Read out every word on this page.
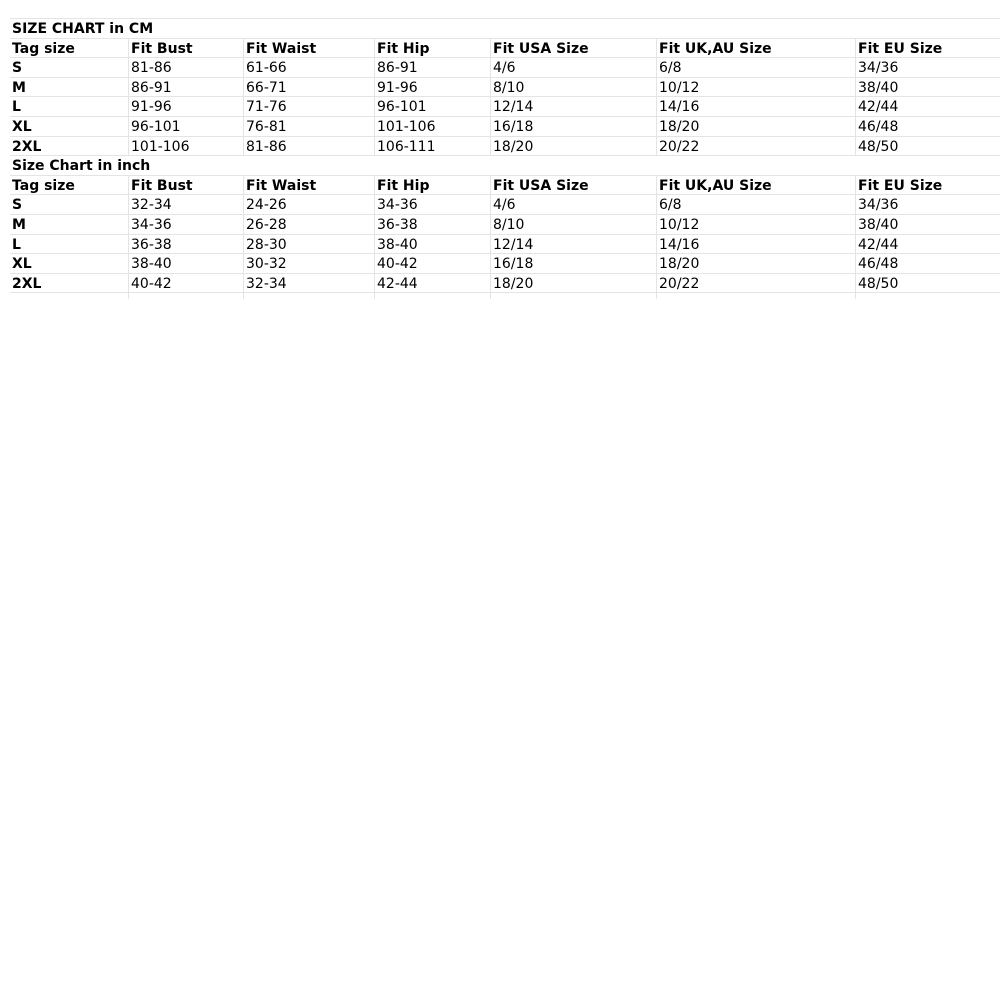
SIZE CHART in CM
Tag size	Fit Bust	Fit Waist	Fit Hip	Fit USA Size	Fit UK,AU Size	Fit EU Size
S	81-86	61-66	86-91	4/6	6/8	34/36
M	86-91	66-71	91-96	8/10	10/12	38/40
L	91-96	71-76	96-101	12/14	14/16	42/44
XL	96-101	76-81	101-106	16/18	18/20	46/48
2XL	101-106	81-86	106-111	18/20	20/22	48/50
Size Chart in inch
Tag size	Fit Bust	Fit Waist	Fit Hip	Fit USA Size	Fit UK,AU Size	Fit EU Size
S	32-34	24-26	34-36	4/6	6/8	34/36
M	34-36	26-28	36-38	8/10	10/12	38/40
L	36-38	28-30	38-40	12/14	14/16	42/44
XL	38-40	30-32	40-42	16/18	18/20	46/48
2XL	40-42	32-34	42-44	18/20	20/22	48/50
